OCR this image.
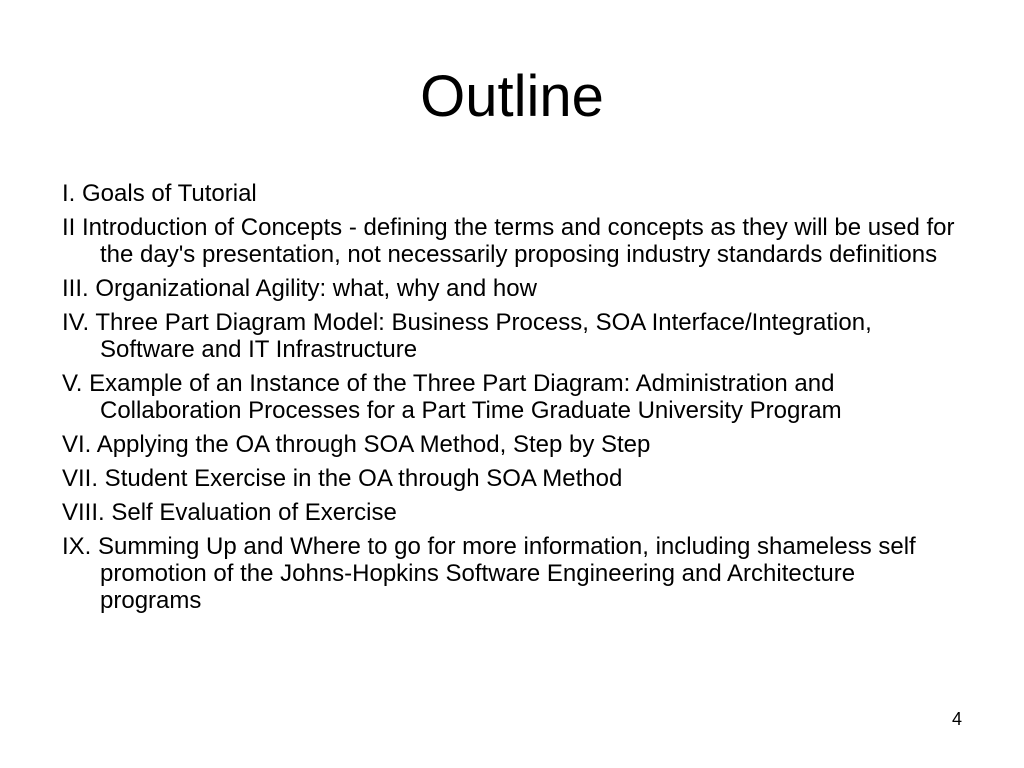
Outline
I. Goals of Tutorial
II Introduction of Concepts - defining the terms and concepts as they will be used for the day's presentation, not necessarily proposing industry standards definitions
III. Organizational Agility: what, why and how
IV. Three Part Diagram Model: Business Process, SOA Interface/Integration, Software and IT Infrastructure
V. Example of an Instance of the Three Part Diagram: Administration and Collaboration Processes for a Part Time Graduate University Program
VI. Applying the OA through SOA Method, Step by Step
VII. Student Exercise in the OA through SOA Method
VIII. Self Evaluation of Exercise
IX. Summing Up and Where to go for more information, including shameless self promotion of the Johns-Hopkins Software Engineering and Architecture programs
4
